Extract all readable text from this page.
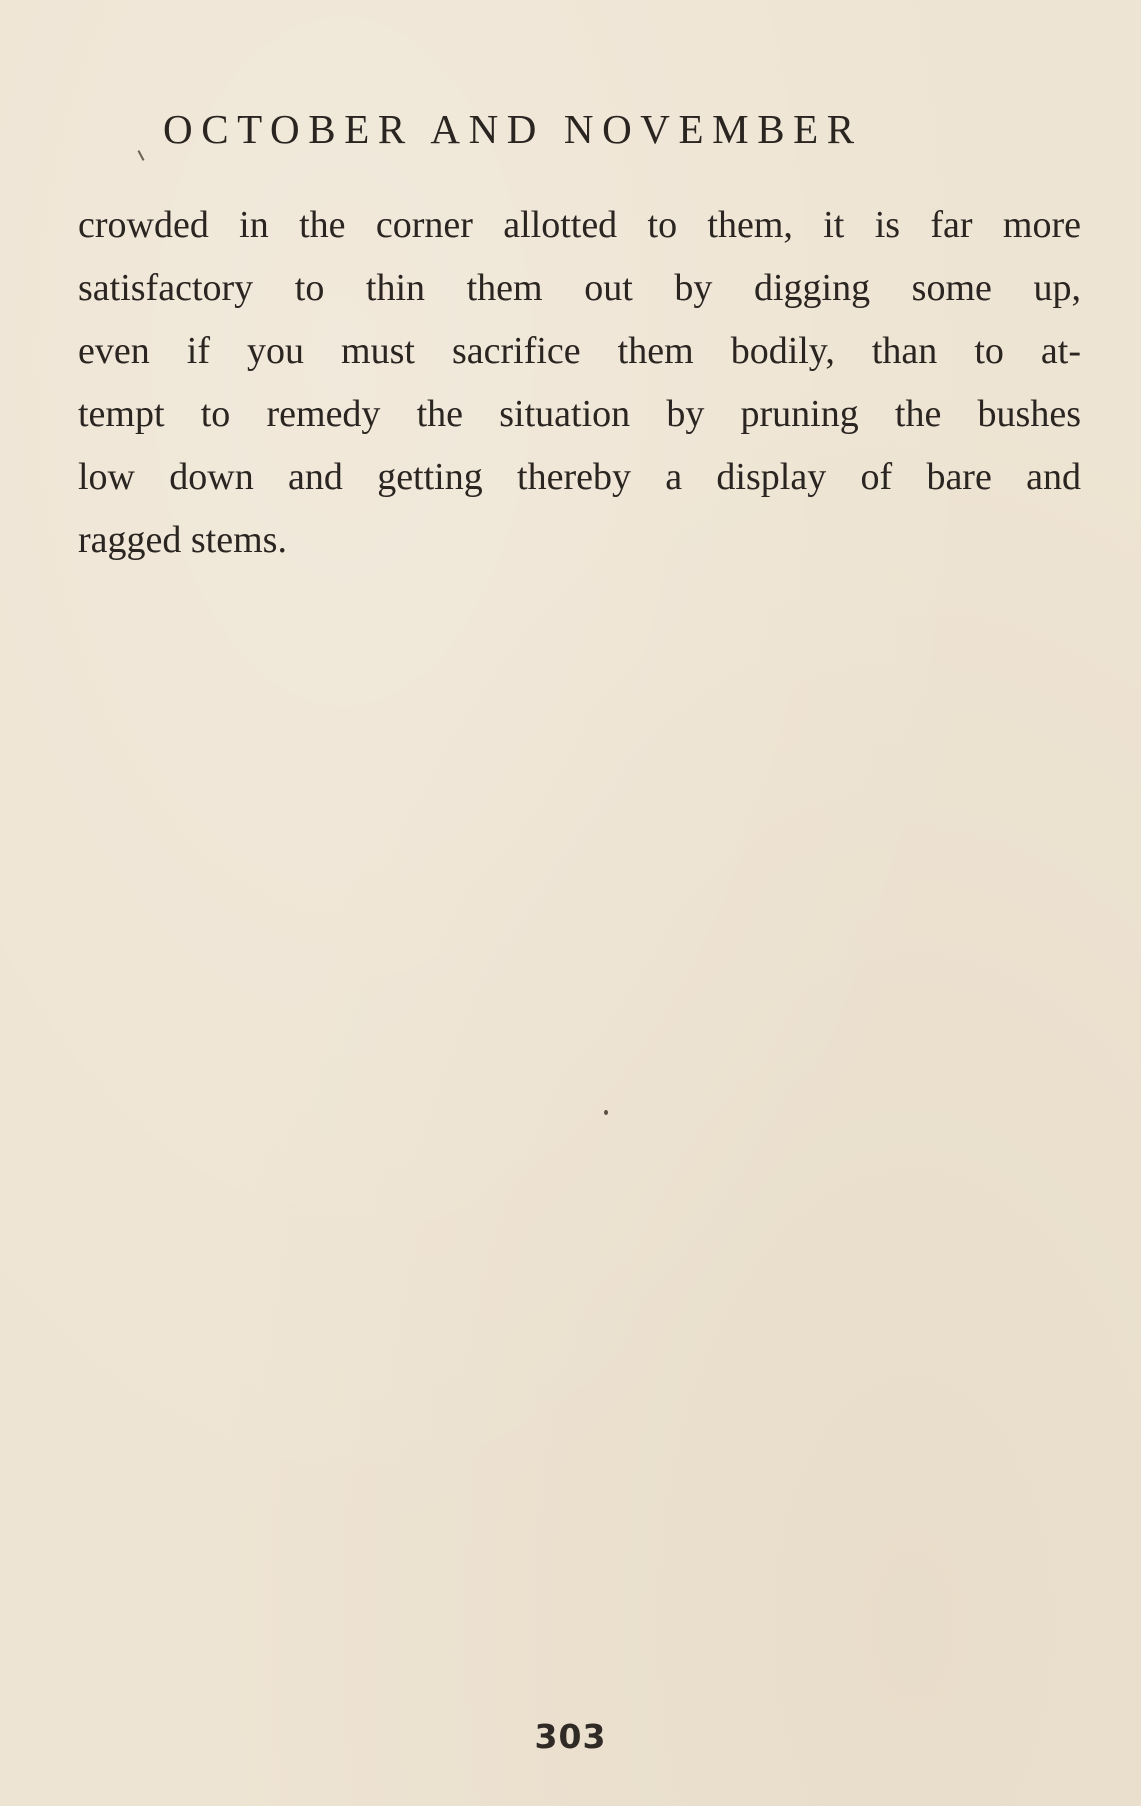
OCTOBER AND NOVEMBER
crowded in the corner allotted to them, it is far more
satisfactory to thin them out by digging some up,
even if you must sacrifice them bodily, than to at-
tempt to remedy the situation by pruning the bushes
low down and getting thereby a display of bare and
ragged stems.
303
